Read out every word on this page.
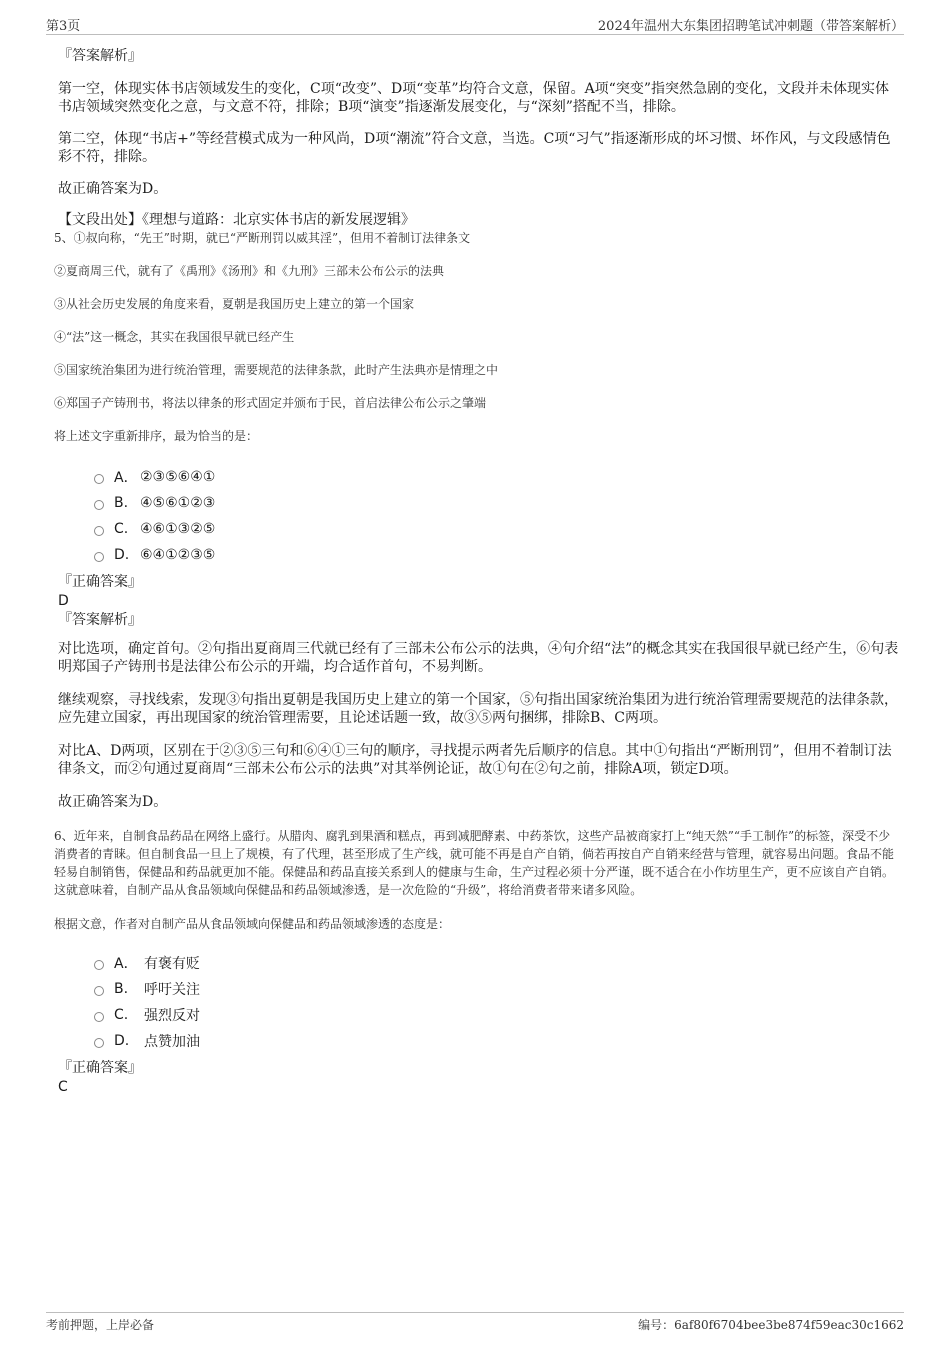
第3页	2024年温州大东集团招聘笔试冲刺题（带答案解析）
『答案解析』
第一空，体现实体书店领域发生的变化，C项“改变”、D项“变革”均符合文意，保留。A项“突变”指突然急剧的变化，文段并未体现实体书店领域突然变化之意，与文意不符，排除；B项“演变”指逐渐发展变化，与“深刻”搭配不当，排除。
第二空，体现“书店+”等经营模式成为一种风尚，D项“潮流”符合文意，当选。C项“习气”指逐渐形成的坏习惯、坏作风，与文段感情色彩不符，排除。
故正确答案为D。
【文段出处】《理想与道路：北京实体书店的新发展逻辑》
5、①叔向称，“先王”时期，就已“严断刑罚以威其淫”，但用不着制订法律条文
②夏商周三代，就有了《禹刑》《汤刑》和《九刑》三部未公布公示的法典
③从社会历史发展的角度来看，夏朝是我国历史上建立的第一个国家
④“法”这一概念，其实在我国很早就已经产生
⑤国家统治集团为进行统治管理，需要规范的法律条款，此时产生法典亦是情理之中
⑥郑国子产铸刑书，将法以律条的形式固定并颁布于民，首启法律公布公示之肇端
将上述文字重新排序，最为恰当的是：
A． ②③⑤⑥④①
B. ④⑤⑥①②③
C. ④⑥①③②⑤
D. ⑥④①②③⑤
『正确答案』
D
『答案解析』
对比选项，确定首句。②句指出夏商周三代就已经有了三部未公布公示的法典，④句介绍“法”的概念其实在我国很早就已经产生，⑥句表明郑国子产铸刑书是法律公布公示的开端，均合适作首句，不易判断。
继续观察，寻找线索，发现③句指出夏朝是我国历史上建立的第一个国家，⑤句指出国家统治集团为进行统治管理需要规范的法律条款，应先建立国家，再出现国家的统治管理需要，且论述话题一致，故③⑤两句捆绑，排除B、C两项。
对比A、D两项，区别在于②③⑤三句和⑥④①三句的顺序，寻找提示两者先后顺序的信息。其中①句指出“严断刑罚”，但用不着制订法律条文，而②句通过夏商周“三部未公布公示的法典”对其举例论证，故①句在②句之前，排除A项，锁定D项。
故正确答案为D。
6、近年来，自制食品药品在网络上盛行。从腊肉、腐乳到果酒和糕点，再到减肥酵素、中药茶饮，这些产品被商家打上“纯天然”“手工制作”的标签，深受不少消费者的青睐。但自制食品一旦上了规模，有了代理，甚至形成了生产线，就可能不再是自产自销，倘若再按自产自销来经营与管理，就容易出问题。食品不能轻易自制销售，保健品和药品就更加不能。保健品和药品直接关系到人的健康与生命，生产过程必须十分严谨，既不适合在小作坊里生产，更不应该自产自销。这就意味着，自制产品从食品领域向保健品和药品领域渗透，是一次危险的“升级”，将给消费者带来诸多风险。
根据文意，作者对自制产品从食品领域向保健品和药品领域渗透的态度是：
A． 有褒有贬
B.	呼吁关注
C.	强烈反对
D.	点赞加油
『正确答案』
C
考前押题，上岸必备	编号：6af80f6704bee3be874f59eac30c1662
